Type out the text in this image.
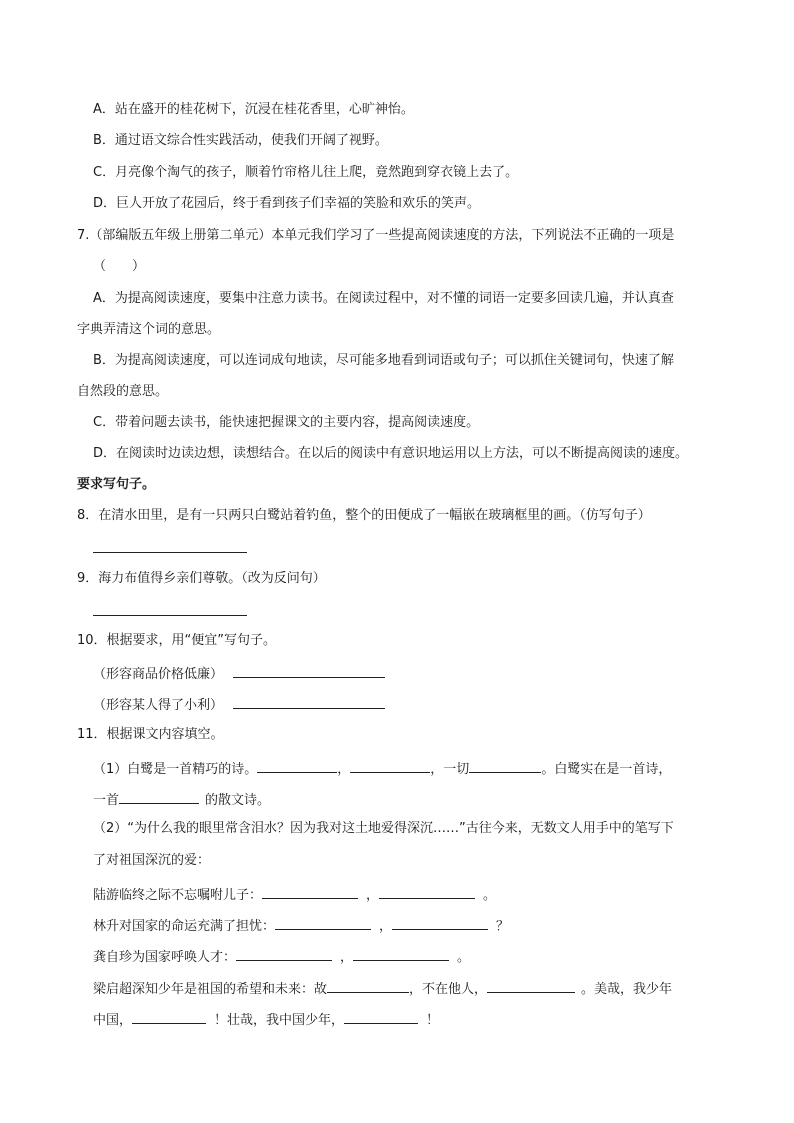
A．站在盛开的桂花树下，沉浸在桂花香里，心旷神怡。
B．通过语文综合性实践活动，使我们开阔了视野。
C．月亮像个淘气的孩子，顺着竹帘格儿往上爬，竟然跑到穿衣镜上去了。
D．巨人开放了花园后，终于看到孩子们幸福的笑脸和欢乐的笑声。
7.（部编版五年级上册第二单元）本单元我们学习了一些提高阅读速度的方法，下列说法不正确的一项是
（　　）
A．为提高阅读速度，要集中注意力读书。在阅读过程中，对不懂的词语一定要多回读几遍，并认真查
字典弄清这个词的意思。
B．为提高阅读速度，可以连词成句地读，尽可能多地看到词语或句子；可以抓住关键词句，快速了解
自然段的意思。
C．带着问题去读书，能快速把握课文的主要内容，提高阅读速度。
D．在阅读时边读边想，读想结合。在以后的阅读中有意识地运用以上方法，可以不断提高阅读的速度。
要求写句子。
8．在清水田里，是有一只两只白鹭站着钓鱼，整个的田便成了一幅嵌在玻璃框里的画。（仿写句子）
9．海力布值得乡亲们尊敬。（改为反问句）
10．根据要求，用“便宜”写句子。
（形容商品价格低廉）
（形容某人得了小利）
11．根据课文内容填空。
（1）白鹭是一首精巧的诗。	，	，一切	。白鹭实在是一首诗，
一首	的散文诗。
（2）“为什么我的眼里常含泪水？因为我对这土地爱得深沉……”古往今来，无数文人用手中的笔写下
了对祖国深沉的爱：
陆游临终之际不忘嘱咐儿子：	，	。
林升对国家的命运充满了担忧：	，	？
龚自珍为国家呼唤人才：	，	。
梁启超深知少年是祖国的希望和未来：故	，不在他人，	。美哉，我少年
中国，	！壮哉，我中国少年，	！
